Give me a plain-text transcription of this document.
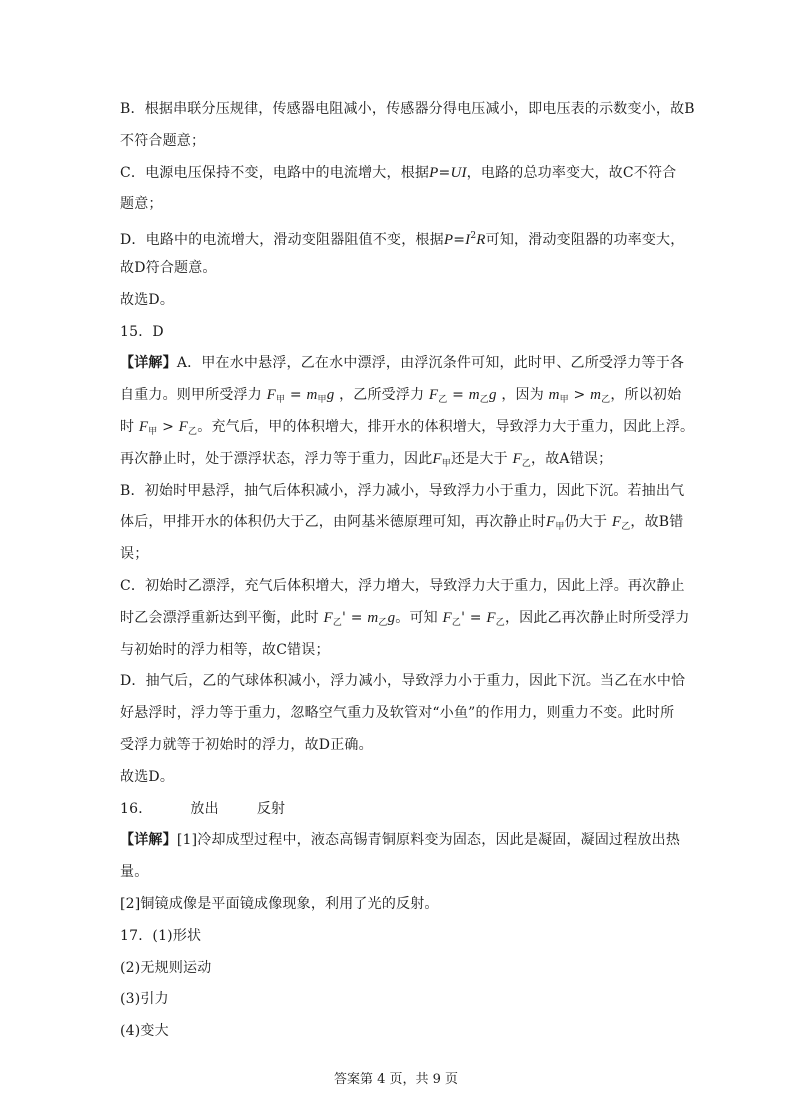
B．根据串联分压规律，传感器电阻减小，传感器分得电压减小，即电压表的示数变小，故B
不符合题意；
C．电源电压保持不变，电路中的电流增大，根据P=UI，电路的总功率变大，故C不符合
题意；
D．电路中的电流增大，滑动变阻器阻值不变，根据$P=I^2R$可知，滑动变阻器的功率变大，
故D符合题意。
故选D。
15．D
【详解】A．甲在水中悬浮，乙在水中漂浮，由浮沉条件可知，此时甲、乙所受浮力等于各
自重力。则甲所受浮力 $F_甲 = m_甲g$ ，乙所受浮力 $F_乙 = m_乙g$ ，因为 $m_甲 > m_乙$，所以初始
时 $F_甲 > F_乙$。充气后，甲的体积增大，排开水的体积增大，导致浮力大于重力，因此上浮。
再次静止时，处于漂浮状态，浮力等于重力，因此$F_甲$还是大于 $F_乙$，故A错误；
B．初始时甲悬浮，抽气后体积减小，浮力减小，导致浮力小于重力，因此下沉。若抽出气
体后，甲排开水的体积仍大于乙，由阿基米德原理可知，再次静止时$F_甲$仍大于 $F_乙$，故B错
误；
C．初始时乙漂浮，充气后体积增大，浮力增大，导致浮力大于重力，因此上浮。再次静止
时乙会漂浮重新达到平衡，此时 $F_乙' = m_乙g$。可知 $F_乙' = F_乙$，因此乙再次静止时所受浮力
与初始时的浮力相等，故C错误；
D．抽气后，乙的气球体积减小，浮力减小，导致浮力小于重力，因此下沉。当乙在水中恰
好悬浮时，浮力等于重力，忽略空气重力及软管对“小鱼”的作用力，则重力不变。此时所
受浮力就等于初始时的浮力，故D正确。
故选D。
16．	放出	反射
【详解】[1]冷却成型过程中，液态高锡青铜原料变为固态，因此是凝固，凝固过程放出热
量。
[2]铜镜成像是平面镜成像现象，利用了光的反射。
17．(1)形状
(2)无规则运动
(3)引力
答案第 4 页，共 9 页
(4)变大
